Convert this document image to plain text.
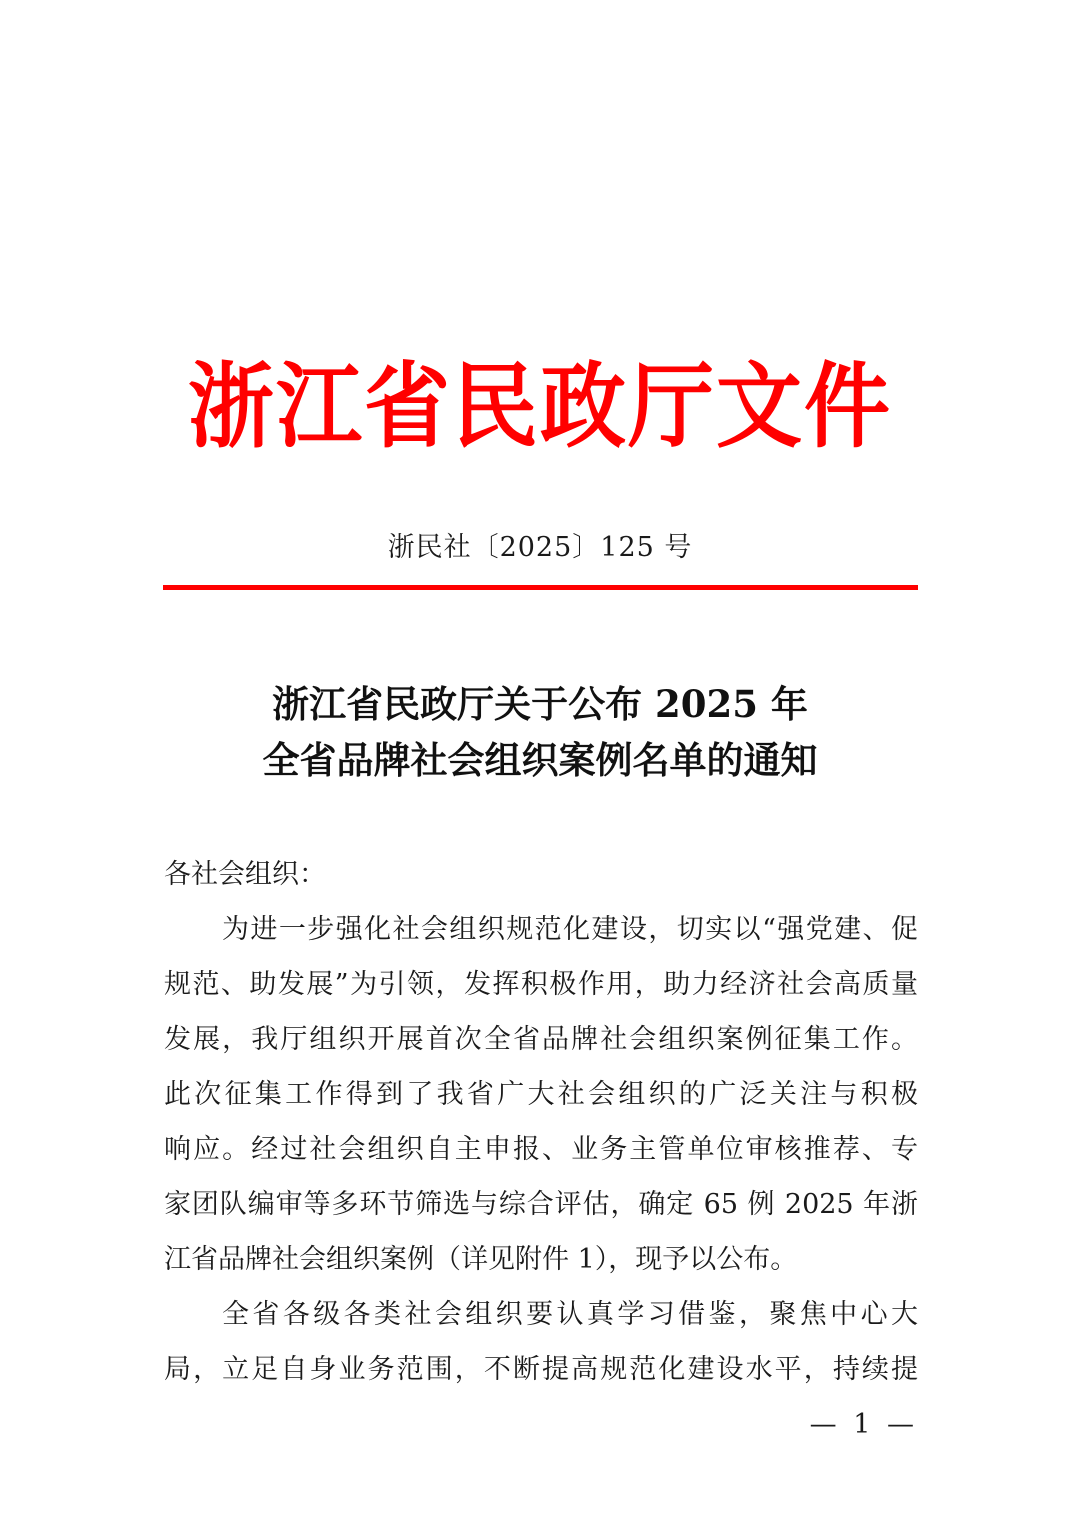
浙江省民政厅文件
浙民社〔2025〕125 号
浙江省民政厅关于公布 2025 年
全省品牌社会组织案例名单的通知
各社会组织：
为进一步强化社会组织规范化建设，切实以“强党建、促
规范、助发展”为引领，发挥积极作用，助力经济社会高质量
发展，我厅组织开展首次全省品牌社会组织案例征集工作。
此次征集工作得到了我省广大社会组织的广泛关注与积极
响应。经过社会组织自主申报、业务主管单位审核推荐、专
家团队编审等多环节筛选与综合评估，确定 65 例 2025 年浙
江省品牌社会组织案例（详见附件 1），现予以公布。
全省各级各类社会组织要认真学习借鉴，聚焦中心大
局，立足自身业务范围，不断提高规范化建设水平，持续提
— 1 —
